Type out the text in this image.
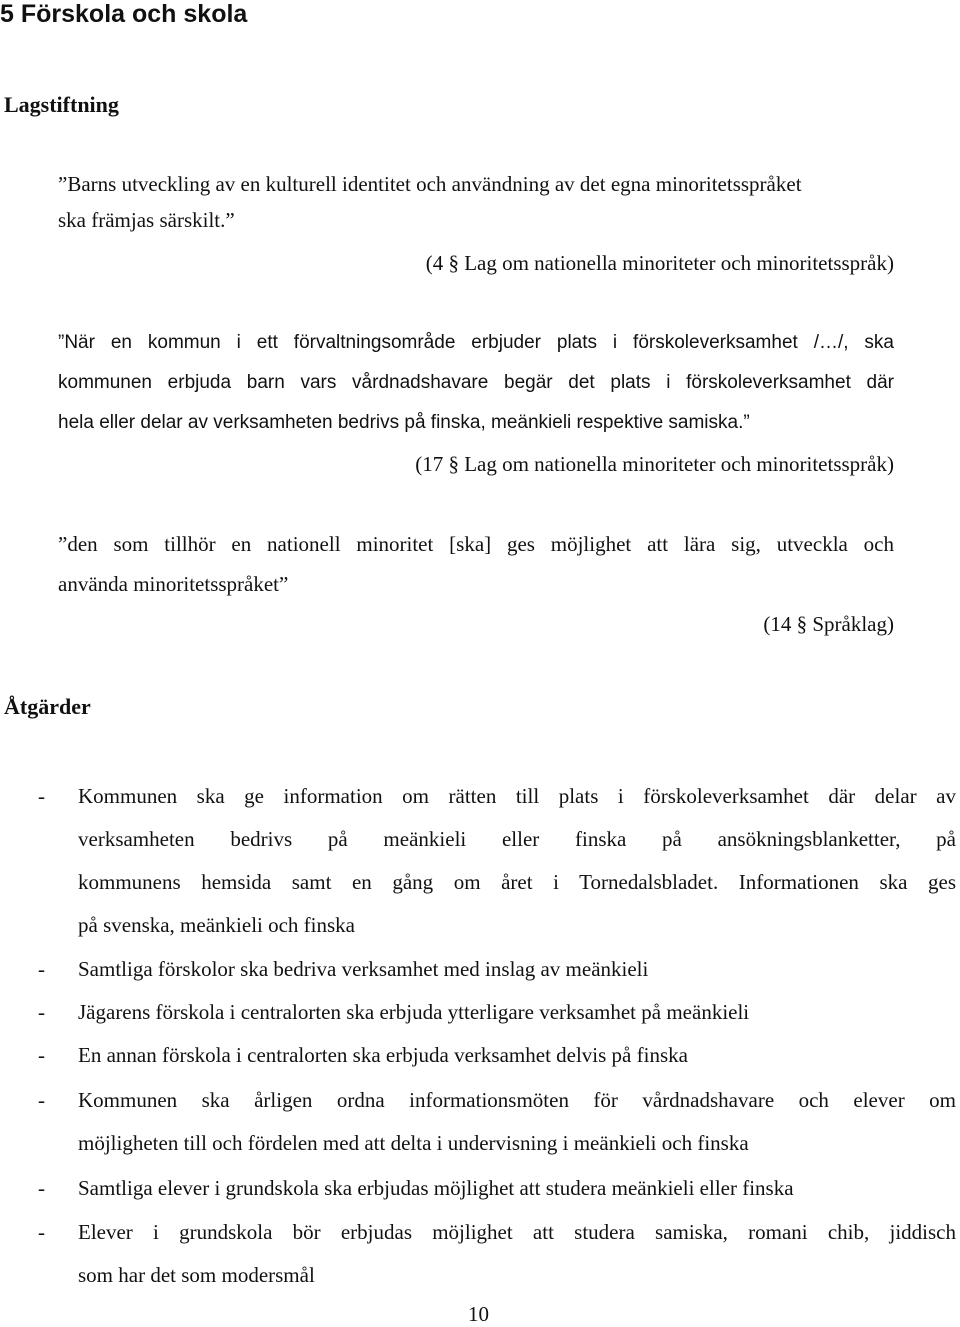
5 Förskola och skola
Lagstiftning
”Barns utveckling av en kulturell identitet och användning av det egna minoritetsspråket
ska främjas särskilt.”
(4 § Lag om nationella minoriteter och minoritetsspråk)
”När en kommun i ett förvaltningsområde erbjuder plats i förskoleverksamhet /…/, ska
kommunen erbjuda barn vars vårdnadshavare begär det plats i förskoleverksamhet där
hela eller delar av verksamheten bedrivs på finska, meänkieli respektive samiska.”
(17 § Lag om nationella minoriteter och minoritetsspråk)
”den som tillhör en nationell minoritet [ska] ges möjlighet att lära sig, utveckla och
använda minoritetsspråket”
(14 § Språklag)
Åtgärder
- Kommunen ska ge information om rätten till plats i förskoleverksamhet där delar av
verksamheten bedrivs på meänkieli eller finska på ansökningsblanketter, på
kommunens hemsida samt en gång om året i Tornedalsbladet. Informationen ska ges
på svenska, meänkieli och finska
- Samtliga förskolor ska bedriva verksamhet med inslag av meänkieli
- Jägarens förskola i centralorten ska erbjuda ytterligare verksamhet på meänkieli
- En annan förskola i centralorten ska erbjuda verksamhet delvis på finska
- Kommunen ska årligen ordna informationsmöten för vårdnadshavare och elever om
möjligheten till och fördelen med att delta i undervisning i meänkieli och finska
- Samtliga elever i grundskola ska erbjudas möjlighet att studera meänkieli eller finska
- Elever i grundskola bör erbjudas möjlighet att studera samiska, romani chib, jiddisch
som har det som modersmål
10
